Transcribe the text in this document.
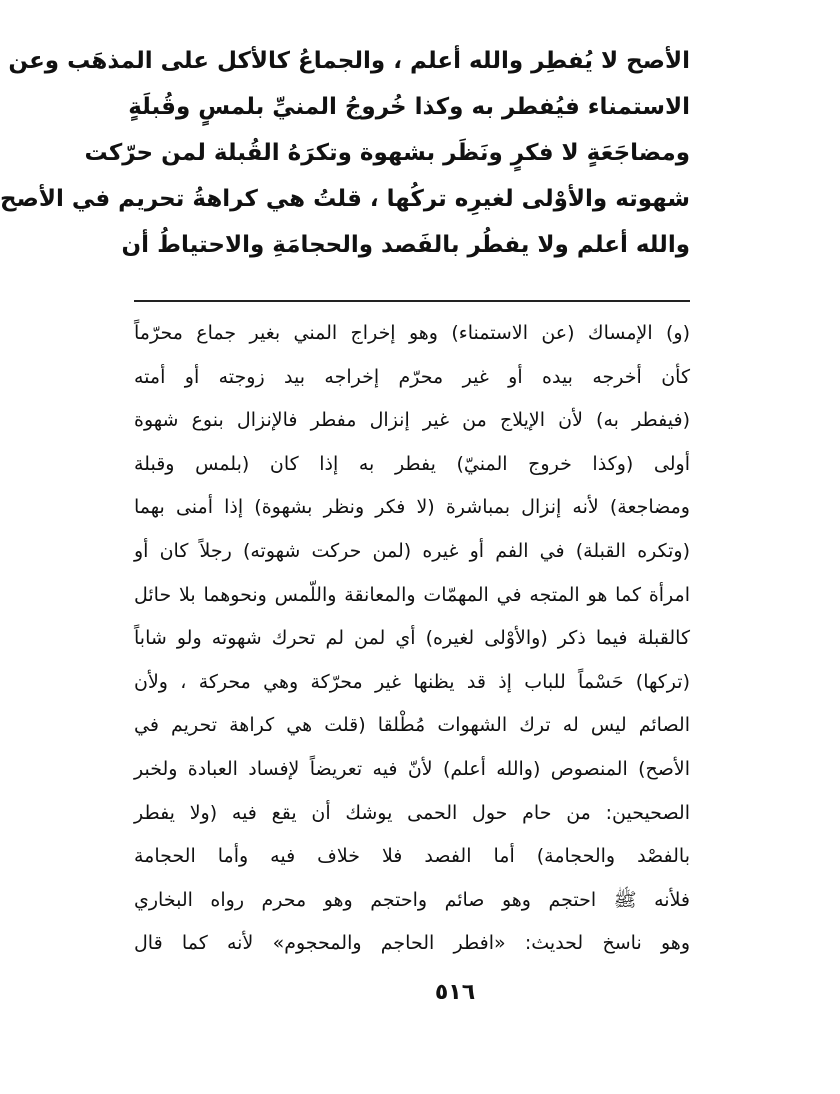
الأصح لا يُفطِر والله أعلم ، والجماعُ كالأكل على المذهَب وعن
الاستمناء فيُفطر به وكذا خُروجُ المنيِّ بلمسٍ وقُبلَةٍ
ومضاجَعَةٍ لا فكرٍ ونَظَر بشهوة وتكرَهُ القُبلة لمن حرّكت
شهوته والأوْلى لغيرِه تركُها ، قلتُ هي كراهةُ تحريم في الأصح
والله أعلم ولا يفطُر بالفَصد والحجامَةِ والاحتياطُ أن
(و) الإمساك (عن الاستمناء) وهو إخراج المني بغير جماع محرّماً
كأن أخرجه بيده أو غير محرّم إخراجه بيد زوجته أو أمته
(فيفطر به) لأن الإيلاج من غير إنزال مفطر فالإنزال بنوع شهوة
أولى (وكذا خروج المنيّ) يفطر به إذا كان (بلمس وقبلة
ومضاجعة) لأنه إنزال بمباشرة (لا فكر ونظر بشهوة) إذا أمنى بهما
(وتكره القبلة) في الفم أو غيره (لمن حركت شهوته) رجلاً كان أو
امرأة كما هو المتجه في المهمّات والمعانقة واللّمس ونحوهما بلا حائل
كالقبلة فيما ذكر (والأوْلى لغيره) أي لمن لم تحرك شهوته ولو شاباً
(تركها) حَسْماً للباب إذ قد يظنها غير محرّكة وهي محركة ، ولأن
الصائم ليس له ترك الشهوات مُطْلقا (قلت هي كراهة تحريم في
الأصح) المنصوص (والله أعلم) لأنّ فيه تعريضاً لإفساد العبادة ولخبر
الصحيحين: من حام حول الحمى يوشك أن يقع فيه (ولا يفطر
بالفصْد والحجامة) أما الفصد فلا خلاف فيه وأما الحجامة
فلأنه ﷺ احتجم وهو صائم واحتجم وهو محرم رواه البخاري
وهو ناسخ لحديث: «افطر الحاجم والمحجوم» لأنه كما قال
٥١٦
